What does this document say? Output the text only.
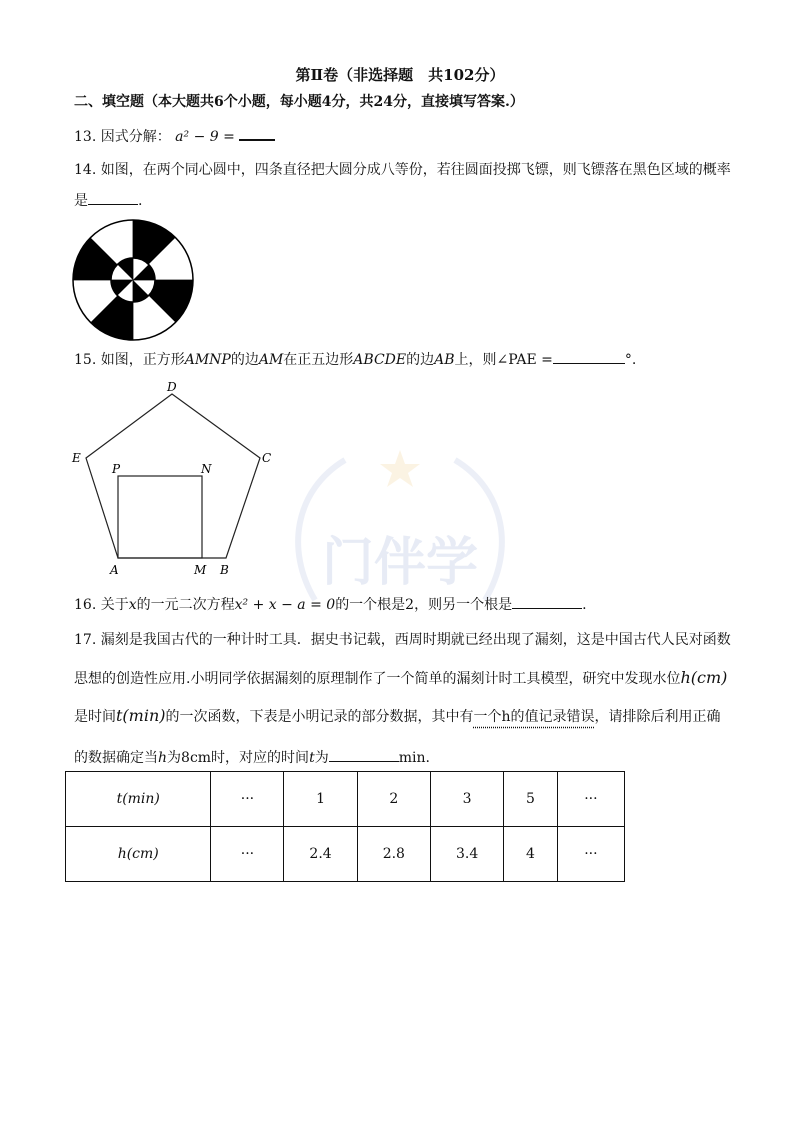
第Ⅱ卷（非选择题　共102分）
二、填空题（本大题共6个小题，每小题4分，共24分，直接填写答案.）
13. 因式分解： a² − 9 =
14. 如图，在两个同心圆中，四条直径把大圆分成八等份，若往圆面投掷飞镖，则飞镖落在黑色区域的概率
是	.
15. 如图，正方形AMNP的边AM在正五边形ABCDE的边AB上，则∠PAE =	°.
D
E	C
P	N
A	M B 门伴学
16. 关于x的一元二次方程x² + x − a = 0的一个根是2，则另一个根是	.
17. 漏刻是我国古代的一种计时工具．据史书记载，西周时期就已经出现了漏刻，这是中国古代人民对函数
思想的创造性应用.小明同学依据漏刻的原理制作了一个简单的漏刻计时工具模型，研究中发现水位h(cm)
是时间t(min)的一次函数，下表是小明记录的部分数据，其中有一个h的值记录错误，请排除后利用正确
的数据确定当h为8cm时，对应的时间t为	min.
t(min)	···	1	2	3	5	···
h(cm)	···	2.4	2.8	3.4	4	···
